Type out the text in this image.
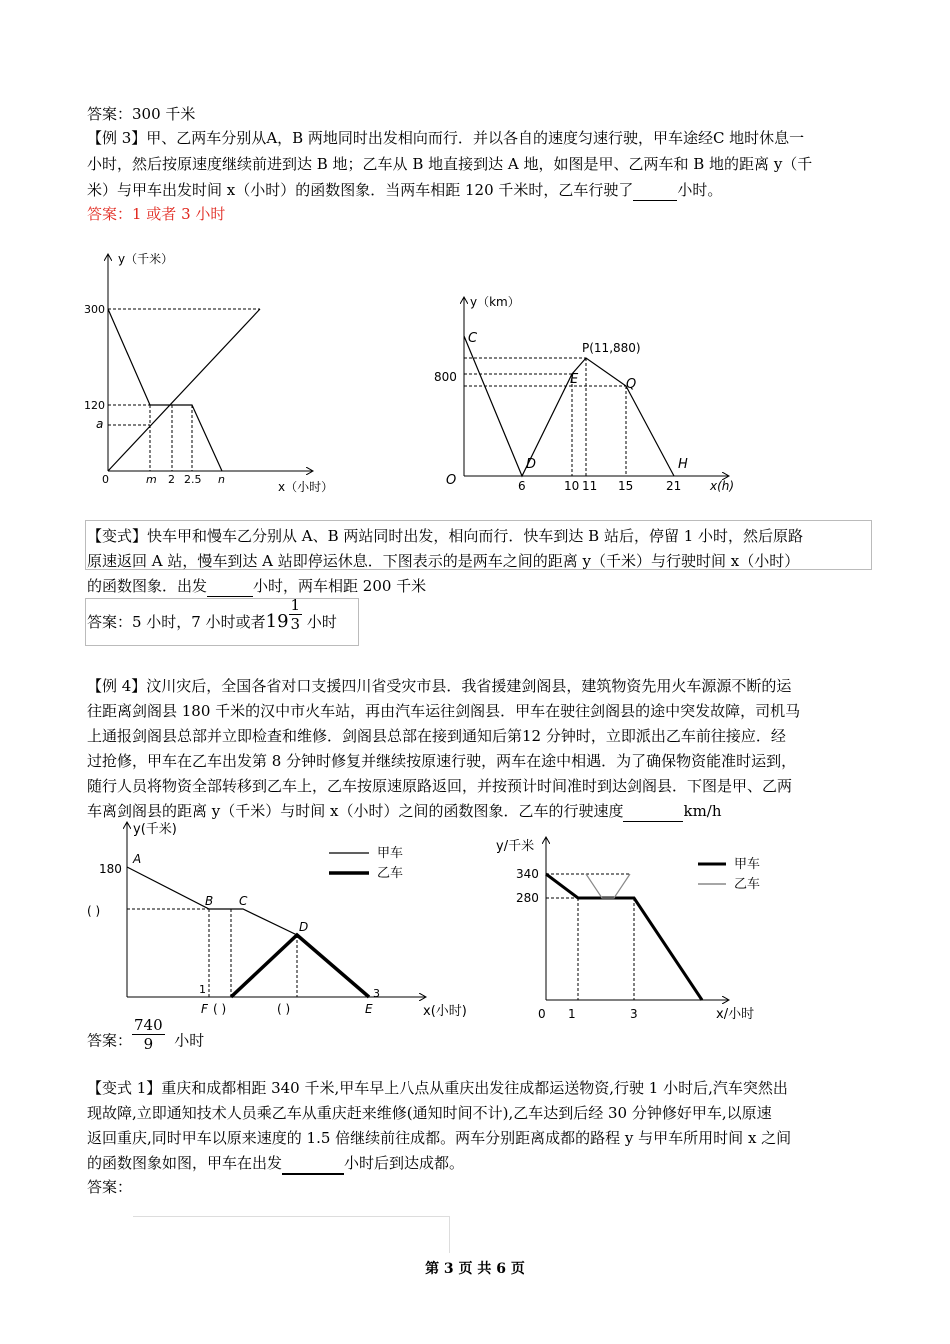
答案：300 千米
【例 3】甲、乙两车分别从A，B 两地同时出发相向而行．并以各自的速度匀速行驶，甲车途经C 地时休息一
小时，然后按原速度继续前进到达 B 地；乙车从 B 地直接到达 A 地，如图是甲、乙两车和 B 地的距离 y（千
米）与甲车出发时间 x（小时）的函数图象．当两车相距 120 千米时，乙车行驶了	小时。
答案：1 或者 3 小时
y（千米）
x（小时）
300
120
a
0	m 2 2.5 n
y（km）
x(h)
800
O
C
P(11,880)
E	Q
D	H
6	10 11 15	21
【变式】快车甲和慢车乙分别从 A、B 两站同时出发，相向而行．快车到达 B 站后，停留 1 小时，然后原路
原速返回 A 站，慢车到达 A 站即停运休息．下图表示的是两车之间的距离 y（千米）与行驶时间 x（小时）
的函数图象．出发	小时，两车相距 200 千米
答案：5 小时，7 小时或者$19 \frac{1}{3}$ 小时
【例 4】汶川灾后，全国各省对口支援四川省受灾市县．我省援建剑阁县，建筑物资先用火车源源不断的运
往距离剑阁县 180 千米的汉中市火车站，再由汽车运往剑阁县．甲车在驶往剑阁县的途中突发故障，司机马
上通报剑阁县总部并立即检查和维修．剑阁县总部在接到通知后第12 分钟时，立即派出乙车前往接应．经
过抢修，甲车在乙车出发第 8 分钟时修复并继续按原速行驶，两车在途中相遇．为了确保物资能准时运到，
随行人员将物资全部转移到乙车上，乙车按原速原路返回，并按预计时间准时到达剑阁县．下图是甲、乙两
车离剑阁县的距离 y（千米）与时间 x（小时）之间的函数图象．乙车的行驶速度	km/h
y(千米)
x(小时)
180
( )
A
B C
D
E
F
1	3
( )	( )
甲车
乙车
y/千米
x/小时
340
280
0 1	3
甲车
乙车
答案： $\frac{740}{9}$ 小时
【变式 1】重庆和成都相距 340 千米,甲车早上八点从重庆出发往成都运送物资,行驶 1 小时后,汽车突然出
现故障,立即通知技术人员乘乙车从重庆赶来维修(通知时间不计),乙车达到后经 30 分钟修好甲车,以原速
返回重庆,同时甲车以原来速度的 1.5 倍继续前往成都。两车分别距离成都的路程 y 与甲车所用时间 x 之间
的函数图象如图，甲车在出发	小时后到达成都。
答案：
第 3 页 共 6 页
